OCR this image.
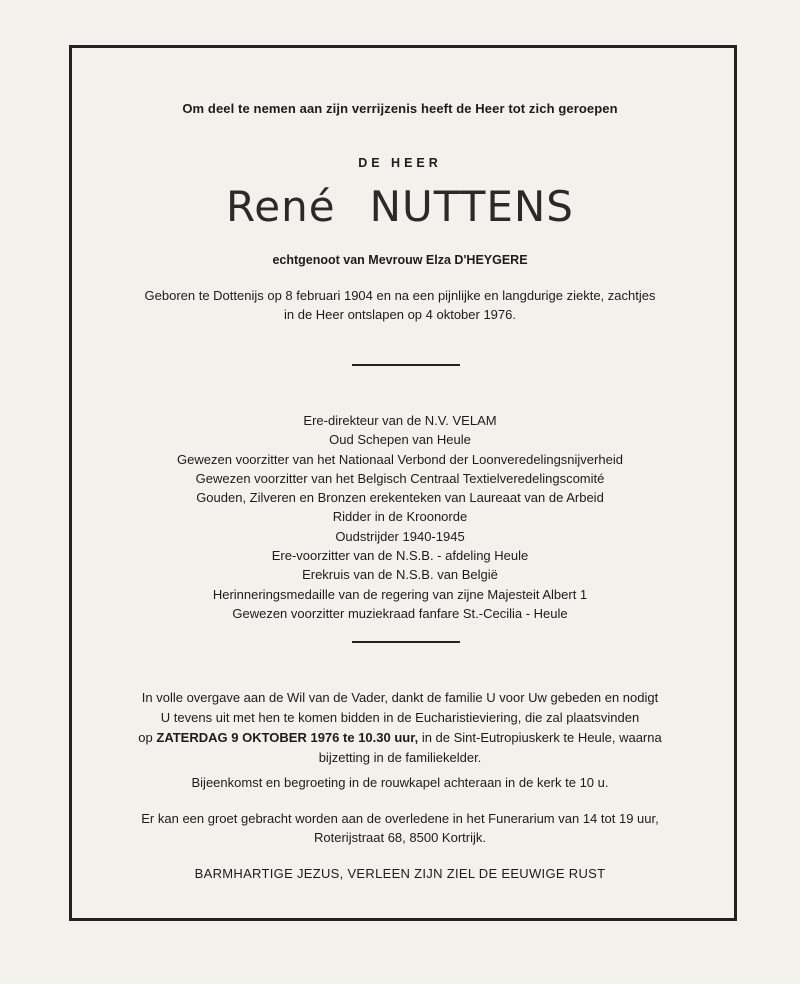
Om deel te nemen aan zijn verrijzenis heeft de Heer tot zich geroepen
DE HEER
René NUTTENS
echtgenoot van Mevrouw Elza D'HEYGERE
Geboren te Dottenijs op 8 februari 1904 en na een pijnlijke en langdurige ziekte, zachtjes
in de Heer ontslapen op 4 oktober 1976.
Ere-direkteur van de N.V. VELAM
Oud Schepen van Heule
Gewezen voorzitter van het Nationaal Verbond der Loonveredelingsnijverheid
Gewezen voorzitter van het Belgisch Centraal Textielveredelingscomité
Gouden, Zilveren en Bronzen erekenteken van Laureaat van de Arbeid
Ridder in de Kroonorde
Oudstrijder 1940-1945
Ere-voorzitter van de N.S.B. - afdeling Heule
Erekruis van de N.S.B. van België
Herinneringsmedaille van de regering van zijne Majesteit Albert 1
Gewezen voorzitter muziekraad fanfare St.-Cecilia - Heule
In volle overgave aan de Wil van de Vader, dankt de familie U voor Uw gebeden en nodigt
U tevens uit met hen te komen bidden in de Eucharistieviering, die zal plaatsvinden
op ZATERDAG 9 OKTOBER 1976 te 10.30 uur, in de Sint-Eutropiuskerk te Heule, waarna
bijzetting in de familiekelder.
Bijeenkomst en begroeting in de rouwkapel achteraan in de kerk te 10 u.
Er kan een groet gebracht worden aan de overledene in het Funerarium van 14 tot 19 uur,
Roterijstraat 68, 8500 Kortrijk.
BARMHARTIGE JEZUS, VERLEEN ZIJN ZIEL DE EEUWIGE RUST
